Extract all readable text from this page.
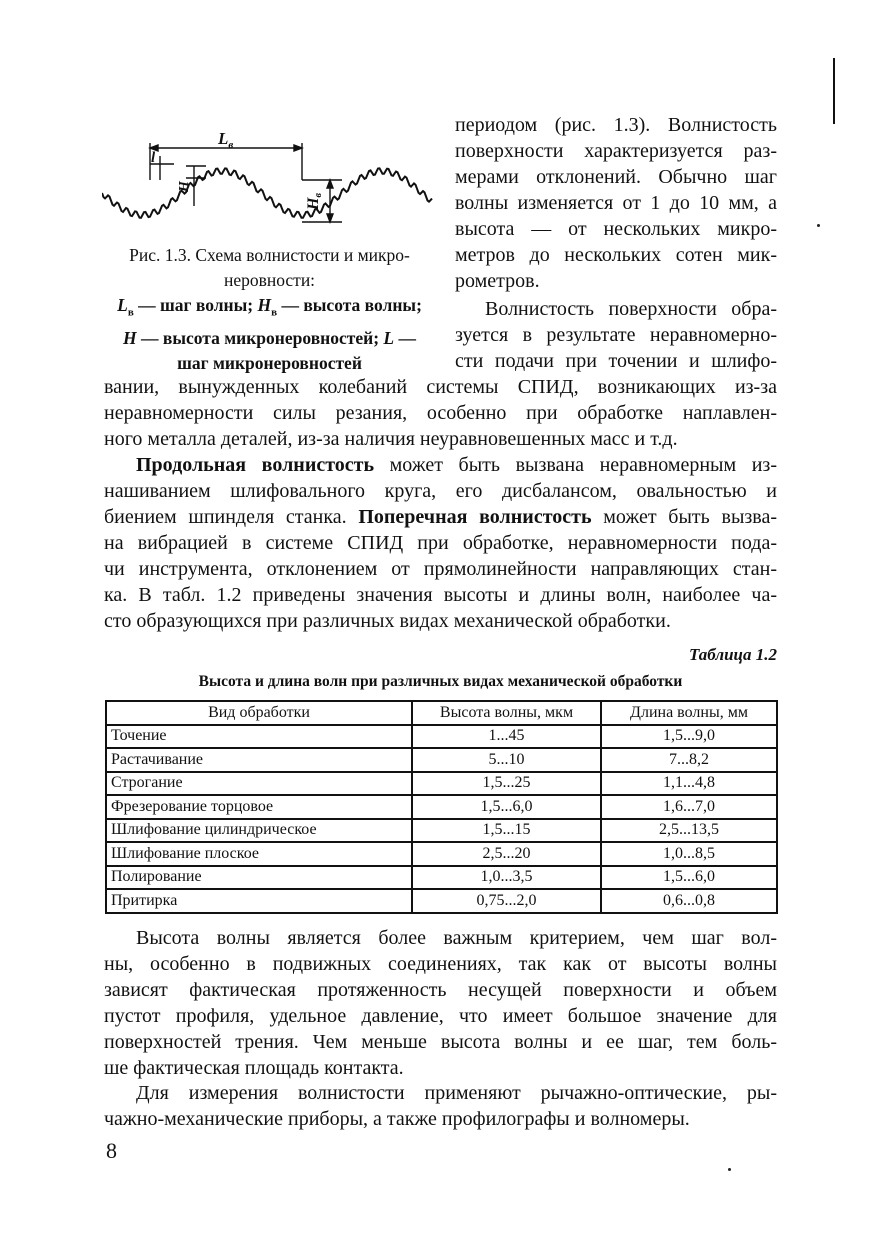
$L_в$
l
H
Hв
Рис. 1.3. Схема волнистости и микро-
неровности:
$L_в$ — шаг волны; $H_в$ — высота волны;
H — высота микронеровностей; L —
шаг микронеровностей
периодом (рис. 1.3). Волнистость
поверхности характеризуется раз-
мерами отклонений. Обычно шаг
волны изменяется от 1 до 10 мм, а
высота — от нескольких микро-
метров до нескольких сотен мик-
рометров.
Волнистость поверхности обра-
зуется в результате неравномерно-
сти подачи при точении и шлифо-
вании, вынужденных колебаний системы СПИД, возникающих из-за
неравномерности силы резания, особенно при обработке наплавлен-
ного металла деталей, из-за наличия неуравновешенных масс и т.д.
Продольная волнистость может быть вызвана неравномерным из-
нашиванием шлифовального круга, его дисбалансом, овальностью и
биением шпинделя станка. Поперечная волнистость может быть вызва-
на вибрацией в системе СПИД при обработке, неравномерности пода-
чи инструмента, отклонением от прямолинейности направляющих стан-
ка. В табл. 1.2 приведены значения высоты и длины волн, наиболее ча-
сто образующихся при различных видах механической обработки.
Таблица 1.2
Высота и длина волн при различных видах механической обработки
Вид обработки	Высота волны, мкм	Длина волны, мм
Точение	1...45	1,5...9,0
Растачивание	5...10	7...8,2
Строгание	1,5...25	1,1...4,8
Фрезерование торцовое	1,5...6,0	1,6...7,0
Шлифование цилиндрическое	1,5...15	2,5...13,5
Шлифование плоское	2,5...20	1,0...8,5
Полирование	1,0...3,5	1,5...6,0
Притирка	0,75...2,0	0,6...0,8
Высота волны является более важным критерием, чем шаг вол-
ны, особенно в подвижных соединениях, так как от высоты волны
зависят фактическая протяженность несущей поверхности и объем
пустот профиля, удельное давление, что имеет большое значение для
поверхностей трения. Чем меньше высота волны и ее шаг, тем боль-
ше фактическая площадь контакта.
Для измерения волнистости применяют рычажно-оптические, ры-
чажно-механические приборы, а также профилографы и волномеры.
8
